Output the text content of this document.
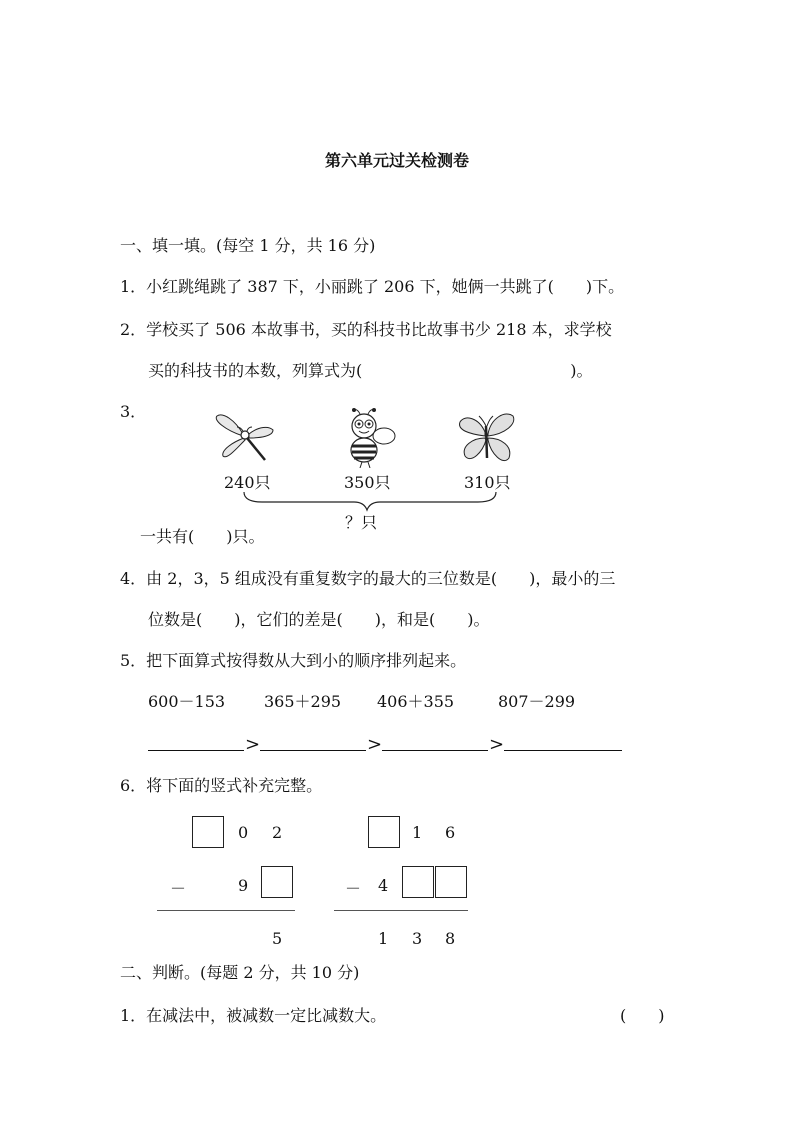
第六单元过关检测卷
一、填一填。(每空 1 分，共 16 分)
1．小红跳绳跳了 387 下，小丽跳了 206 下，她俩一共跳了(　　)下。
2．学校买了 506 本故事书，买的科技书比故事书少 218 本，求学校
买的科技书的本数，列算式为(　　　　　　　　　　　　　)。
3．
240只	350只	310只
？只
一共有(　　)只。
4．由 2，3，5 组成没有重复数字的最大的三位数是(　　)，最小的三
位数是(　　)，它们的差是(　　)，和是(　　)。
5．把下面算式按得数从大到小的顺序排列起来。
600－153 365＋295 406＋355	807－299
>	>	>
6．将下面的竖式补充完整。
0 2
－	9
5
1 6
－ 4
1 3 8
二、判断。(每题 2 分，共 10 分)
1．在减法中，被减数一定比减数大。	(　　)
